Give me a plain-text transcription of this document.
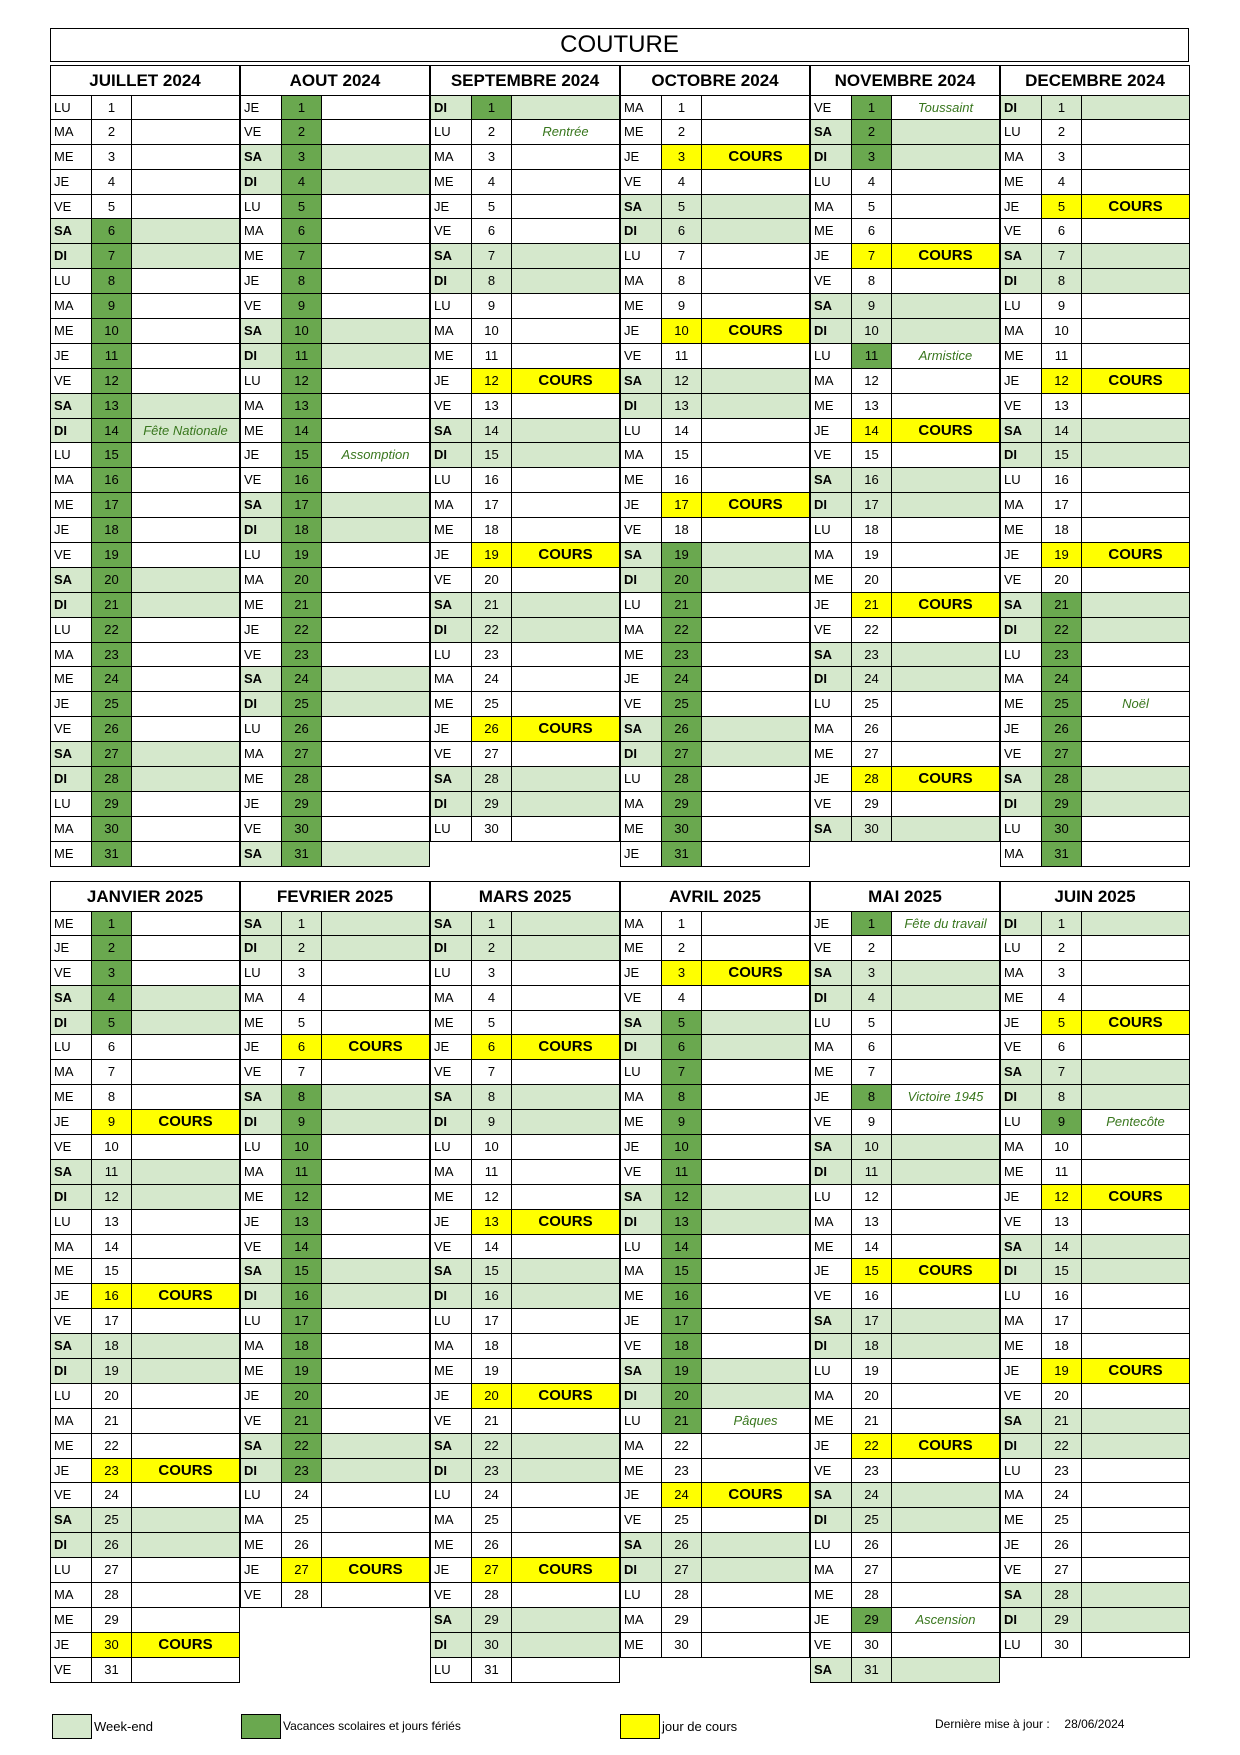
COUTURE
JUILLET 2024
LU	1
MA	2
ME	3
JE	4
VE	5
SA	6
DI	7
LU	8
MA	9
ME	10
JE	11
VE	12
SA	13
DI	14	Fête Nationale
LU	15
MA	16
ME	17
JE	18
VE	19
SA	20
DI	21
LU	22
MA	23
ME	24
JE	25
VE	26
SA	27
DI	28
LU	29
MA	30
ME	31
AOUT 2024
JE	1
VE	2
SA	3
DI	4
LU	5
MA	6
ME	7
JE	8
VE	9
SA	10
DI	11
LU	12
MA	13
ME	14
JE	15	Assomption
VE	16
SA	17
DI	18
LU	19
MA	20
ME	21
JE	22
VE	23
SA	24
DI	25
LU	26
MA	27
ME	28
JE	29
VE	30
SA	31
SEPTEMBRE 2024
DI	1
LU	2	Rentrée
MA	3
ME	4
JE	5
VE	6
SA	7
DI	8
LU	9
MA	10
ME	11
JE	12	COURS
VE	13
SA	14
DI	15
LU	16
MA	17
ME	18
JE	19	COURS
VE	20
SA	21
DI	22
LU	23
MA	24
ME	25
JE	26	COURS
VE	27
SA	28
DI	29
LU	30
OCTOBRE 2024
MA	1
ME	2
JE	3	COURS
VE	4
SA	5
DI	6
LU	7
MA	8
ME	9
JE	10	COURS
VE	11
SA	12
DI	13
LU	14
MA	15
ME	16
JE	17	COURS
VE	18
SA	19
DI	20
LU	21
MA	22
ME	23
JE	24
VE	25
SA	26
DI	27
LU	28
MA	29
ME	30
JE	31
NOVEMBRE 2024
VE	1	Toussaint
SA	2
DI	3
LU	4
MA	5
ME	6
JE	7	COURS
VE	8
SA	9
DI	10
LU	11	Armistice
MA	12
ME	13
JE	14	COURS
VE	15
SA	16
DI	17
LU	18
MA	19
ME	20
JE	21	COURS
VE	22
SA	23
DI	24
LU	25
MA	26
ME	27
JE	28	COURS
VE	29
SA	30
DECEMBRE 2024
DI	1
LU	2
MA	3
ME	4
JE	5	COURS
VE	6
SA	7
DI	8
LU	9
MA	10
ME	11
JE	12	COURS
VE	13
SA	14
DI	15
LU	16
MA	17
ME	18
JE	19	COURS
VE	20
SA	21
DI	22
LU	23
MA	24
ME	25	Noël
JE	26
VE	27
SA	28
DI	29
LU	30
MA	31
JANVIER 2025
ME	1
JE	2
VE	3
SA	4
DI	5
LU	6
MA	7
ME	8
JE	9	COURS
VE	10
SA	11
DI	12
LU	13
MA	14
ME	15
JE	16	COURS
VE	17
SA	18
DI	19
LU	20
MA	21
ME	22
JE	23	COURS
VE	24
SA	25
DI	26
LU	27
MA	28
ME	29
JE	30	COURS
VE	31
FEVRIER 2025
SA	1
DI	2
LU	3
MA	4
ME	5
JE	6	COURS
VE	7
SA	8
DI	9
LU	10
MA	11
ME	12
JE	13
VE	14
SA	15
DI	16
LU	17
MA	18
ME	19
JE	20
VE	21
SA	22
DI	23
LU	24
MA	25
ME	26
JE	27	COURS
VE	28
MARS 2025
SA	1
DI	2
LU	3
MA	4
ME	5
JE	6	COURS
VE	7
SA	8
DI	9
LU	10
MA	11
ME	12
JE	13	COURS
VE	14
SA	15
DI	16
LU	17
MA	18
ME	19
JE	20	COURS
VE	21
SA	22
DI	23
LU	24
MA	25
ME	26
JE	27	COURS
VE	28
SA	29
DI	30
LU	31
AVRIL 2025
MA	1
ME	2
JE	3	COURS
VE	4
SA	5
DI	6
LU	7
MA	8
ME	9
JE	10
VE	11
SA	12
DI	13
LU	14
MA	15
ME	16
JE	17
VE	18
SA	19
DI	20
LU	21	Pâques
MA	22
ME	23
JE	24	COURS
VE	25
SA	26
DI	27
LU	28
MA	29
ME	30
MAI 2025
JE	1	Fête du travail
VE	2
SA	3
DI	4
LU	5
MA	6
ME	7
JE	8	Victoire 1945
VE	9
SA	10
DI	11
LU	12
MA	13
ME	14
JE	15	COURS
VE	16
SA	17
DI	18
LU	19
MA	20
ME	21
JE	22	COURS
VE	23
SA	24
DI	25
LU	26
MA	27
ME	28
JE	29	Ascension
VE	30
SA	31
JUIN 2025
DI	1
LU	2
MA	3
ME	4
JE	5	COURS
VE	6
SA	7
DI	8
LU	9	Pentecôte
MA	10
ME	11
JE	12	COURS
VE	13
SA	14
DI	15
LU	16
MA	17
ME	18
JE	19	COURS
VE	20
SA	21
DI	22
LU	23
MA	24
ME	25
JE	26
VE	27
SA	28
DI	29
LU	30
Week-end	Vacances scolaires et jours fériés	jour de cours	Dernière mise à jour : 28/06/2024
